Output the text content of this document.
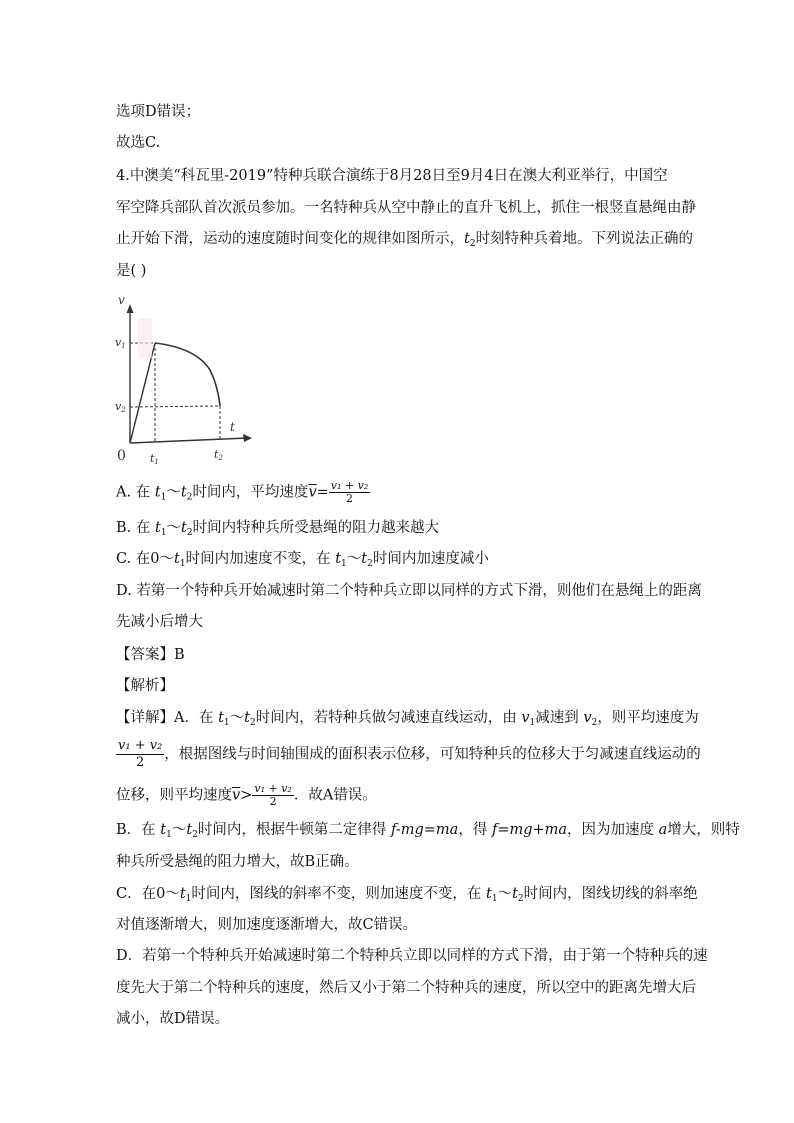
选项D错误；
故选C.
4.中澳美“科瓦里-2019”特种兵联合演练于8月28日至9月4日在澳大利亚举行，中国空
军空降兵部队首次派员参加。一名特种兵从空中静止的直升飞机上，抓住一根竖直悬绳由静
止开始下滑，运动的速度随时间变化的规律如图所示，$t_2$时刻特种兵着地。下列说法正确的
是( )
v
t
0
v1
v2
t1
t2
A. 在 $t_1\sim t_2$时间内，平均速度$\overline{v}= \frac{\text{v₁ + v₂}}{2}$
B. 在 $t_1\sim t_2$时间内特种兵所受悬绳的阻力越来越大
C. 在$0\sim t_1$时间内加速度不变，在 $t_1\sim t_2$时间内加速度减小
D. 若第一个特种兵开始减速时第二个特种兵立即以同样的方式下滑，则他们在悬绳上的距离
先减小后增大
【答案】B
【解析】
【详解】A．在 $t_1\sim t_2$时间内，若特种兵做匀减速直线运动，由 $v_1$减速到 $v_2$，则平均速度为
$\frac{\text{v₁ + v₂}}{2}$ ，根据图线与时间轴围成的面积表示位移，可知特种兵的位移大于匀减速直线运动的
位移，则平均速度$\overline{v}> \frac{\text{v₁ + v₂}}{2}$ ．故A错误。
B．在 $t_1\sim t_2$时间内，根据牛顿第二定律得 f-mg=ma，得 f=mg+ma，因为加速度 a增大，则特
种兵所受悬绳的阻力增大，故B正确。
C．在$0\sim t_1$时间内，图线的斜率不变，则加速度不变，在 $t_1\sim t_2$时间内，图线切线的斜率绝
对值逐渐增大，则加速度逐渐增大，故C错误。
D．若第一个特种兵开始减速时第二个特种兵立即以同样的方式下滑，由于第一个特种兵的速
度先大于第二个特种兵的速度，然后又小于第二个特种兵的速度，所以空中的距离先增大后
减小，故D错误。
